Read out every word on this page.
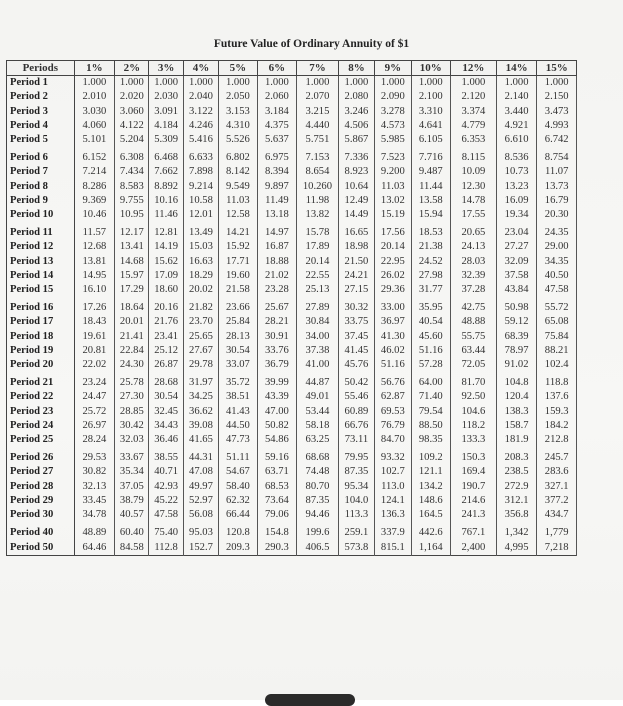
Future Value of Ordinary Annuity of $1
Periods	1%	2%	3%	4%	5%	6%	7%	8%	9%	10%	12%	14%	15%
Period 1	1.000	1.000	1.000	1.000	1.000	1.000	1.000	1.000	1.000	1.000	1.000	1.000	1.000
Period 2	2.010	2.020	2.030	2.040	2.050	2.060	2.070	2.080	2.090	2.100	2.120	2.140	2.150
Period 3	3.030	3.060	3.091	3.122	3.153	3.184	3.215	3.246	3.278	3.310	3.374	3.440	3.473
Period 4	4.060	4.122	4.184	4.246	4.310	4.375	4.440	4.506	4.573	4.641	4.779	4.921	4.993
Period 5	5.101	5.204	5.309	5.416	5.526	5.637	5.751	5.867	5.985	6.105	6.353	6.610	6.742
Period 6	6.152	6.308	6.468	6.633	6.802	6.975	7.153	7.336	7.523	7.716	8.115	8.536	8.754
Period 7	7.214	7.434	7.662	7.898	8.142	8.394	8.654	8.923	9.200	9.487	10.09	10.73	11.07
Period 8	8.286	8.583	8.892	9.214	9.549	9.897	10.260	10.64	11.03	11.44	12.30	13.23	13.73
Period 9	9.369	9.755	10.16	10.58	11.03	11.49	11.98	12.49	13.02	13.58	14.78	16.09	16.79
Period 10	10.46	10.95	11.46	12.01	12.58	13.18	13.82	14.49	15.19	15.94	17.55	19.34	20.30
Period 11	11.57	12.17	12.81	13.49	14.21	14.97	15.78	16.65	17.56	18.53	20.65	23.04	24.35
Period 12	12.68	13.41	14.19	15.03	15.92	16.87	17.89	18.98	20.14	21.38	24.13	27.27	29.00
Period 13	13.81	14.68	15.62	16.63	17.71	18.88	20.14	21.50	22.95	24.52	28.03	32.09	34.35
Period 14	14.95	15.97	17.09	18.29	19.60	21.02	22.55	24.21	26.02	27.98	32.39	37.58	40.50
Period 15	16.10	17.29	18.60	20.02	21.58	23.28	25.13	27.15	29.36	31.77	37.28	43.84	47.58
Period 16	17.26	18.64	20.16	21.82	23.66	25.67	27.89	30.32	33.00	35.95	42.75	50.98	55.72
Period 17	18.43	20.01	21.76	23.70	25.84	28.21	30.84	33.75	36.97	40.54	48.88	59.12	65.08
Period 18	19.61	21.41	23.41	25.65	28.13	30.91	34.00	37.45	41.30	45.60	55.75	68.39	75.84
Period 19	20.81	22.84	25.12	27.67	30.54	33.76	37.38	41.45	46.02	51.16	63.44	78.97	88.21
Period 20	22.02	24.30	26.87	29.78	33.07	36.79	41.00	45.76	51.16	57.28	72.05	91.02	102.4
Period 21	23.24	25.78	28.68	31.97	35.72	39.99	44.87	50.42	56.76	64.00	81.70	104.8	118.8
Period 22	24.47	27.30	30.54	34.25	38.51	43.39	49.01	55.46	62.87	71.40	92.50	120.4	137.6
Period 23	25.72	28.85	32.45	36.62	41.43	47.00	53.44	60.89	69.53	79.54	104.6	138.3	159.3
Period 24	26.97	30.42	34.43	39.08	44.50	50.82	58.18	66.76	76.79	88.50	118.2	158.7	184.2
Period 25	28.24	32.03	36.46	41.65	47.73	54.86	63.25	73.11	84.70	98.35	133.3	181.9	212.8
Period 26	29.53	33.67	38.55	44.31	51.11	59.16	68.68	79.95	93.32	109.2	150.3	208.3	245.7
Period 27	30.82	35.34	40.71	47.08	54.67	63.71	74.48	87.35	102.7	121.1	169.4	238.5	283.6
Period 28	32.13	37.05	42.93	49.97	58.40	68.53	80.70	95.34	113.0	134.2	190.7	272.9	327.1
Period 29	33.45	38.79	45.22	52.97	62.32	73.64	87.35	104.0	124.1	148.6	214.6	312.1	377.2
Period 30	34.78	40.57	47.58	56.08	66.44	79.06	94.46	113.3	136.3	164.5	241.3	356.8	434.7
Period 40	48.89	60.40	75.40	95.03	120.8	154.8	199.6	259.1	337.9	442.6	767.1	1,342	1,779
Period 50	64.46	84.58	112.8	152.7	209.3	290.3	406.5	573.8	815.1	1,164	2,400	4,995	7,218
